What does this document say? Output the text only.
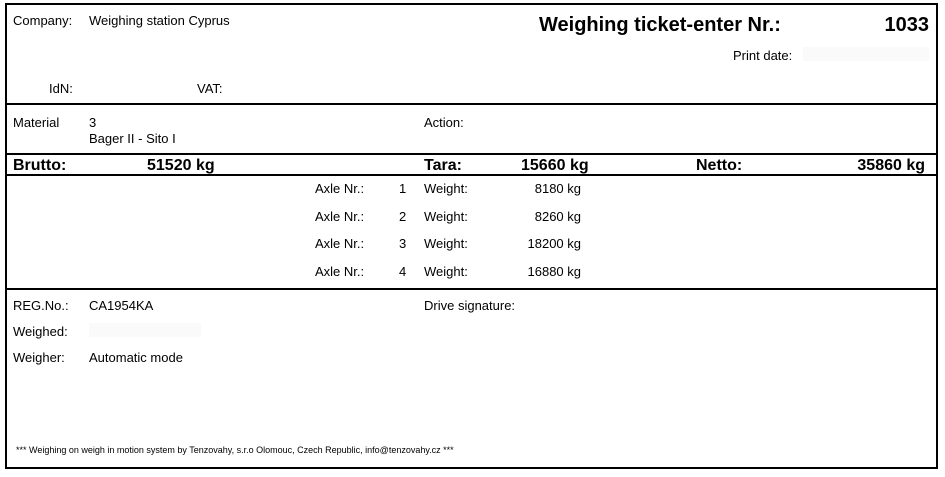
Company: Weighing station Cyprus	Weighing ticket-enter Nr.:	1033
Print date:
IdN:	VAT:
Material 3
Bager II - Sito I
Action:
Brutto:	51520 kg	Tara:	15660 kg	Netto:	35860 kg
Axle Nr.:	1 Weight:	8180 kg
Axle Nr.:	2 Weight:	8260 kg
Axle Nr.:	3 Weight:	18200 kg
Axle Nr.:	4 Weight:	16880 kg
REG.No.: CA1954KA	Drive signature:
Weighed:
Weigher: Automatic mode
*** Weighing on weigh in motion system by Tenzovahy, s.r.o Olomouc, Czech Republic, info@tenzovahy.cz ***
